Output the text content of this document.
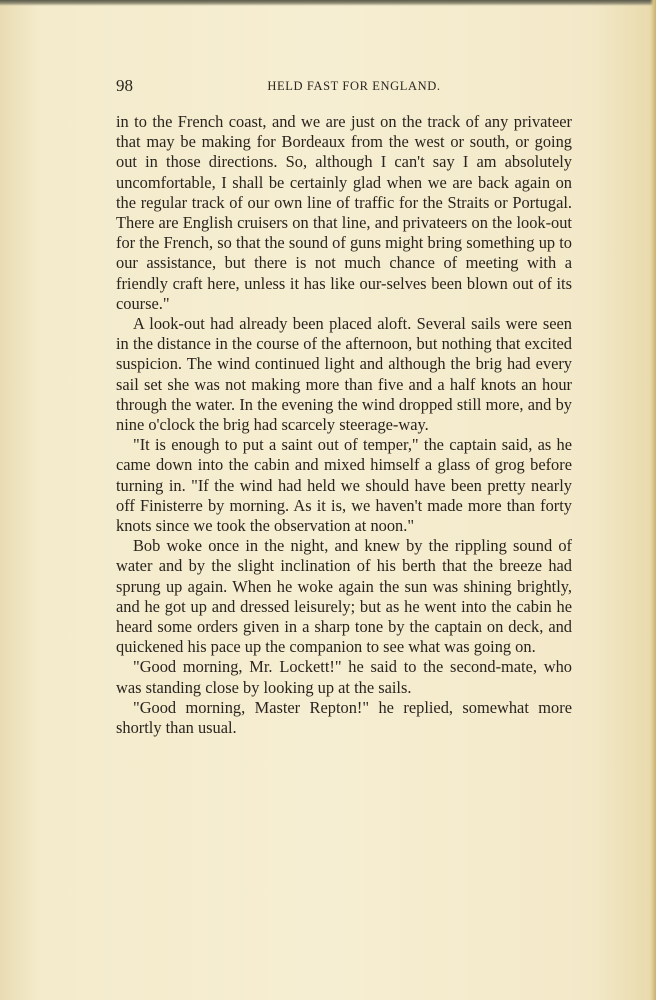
98	HELD FAST FOR ENGLAND.

in to the French coast, and we are just on the track of any privateer that may be making for Bordeaux from the west or south, or going out in those directions. So, although I can't say I am absolutely uncomfortable, I shall be certainly glad when we are back again on the regular track of our own line of traffic for the Straits or Portugal. There are English cruisers on that line, and privateers on the look-out for the French, so that the sound of guns might bring something up to our assistance, but there is not much chance of meeting with a friendly craft here, unless it has like our-selves been blown out of its course."

A look-out had already been placed aloft. Several sails were seen in the distance in the course of the afternoon, but nothing that excited suspicion. The wind continued light and although the brig had every sail set she was not making more than five and a half knots an hour through the water. In the evening the wind dropped still more, and by nine o'clock the brig had scarcely steerage-way.

"It is enough to put a saint out of temper," the captain said, as he came down into the cabin and mixed himself a glass of grog before turning in. "If the wind had held we should have been pretty nearly off Finisterre by morning. As it is, we haven't made more than forty knots since we took the observation at noon."

Bob woke once in the night, and knew by the rippling sound of water and by the slight inclination of his berth that the breeze had sprung up again. When he woke again the sun was shining brightly, and he got up and dressed leisurely; but as he went into the cabin he heard some orders given in a sharp tone by the captain on deck, and quickened his pace up the companion to see what was going on.

"Good morning, Mr. Lockett!" he said to the second-mate, who was standing close by looking up at the sails.

"Good morning, Master Repton!" he replied, somewhat more shortly than usual.
